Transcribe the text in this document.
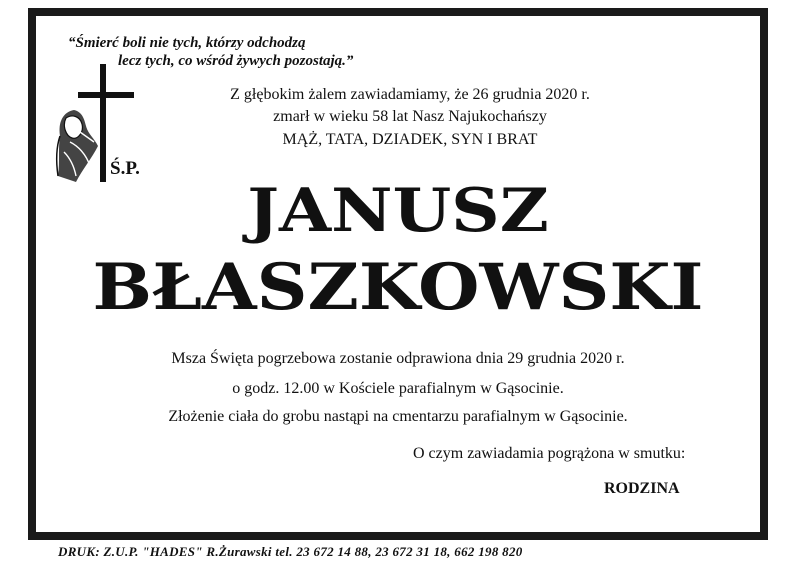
“Śmierć boli nie tych, którzy odchodzą
lecz tych, co wśród żywych pozostają.”
Z głębokim żalem zawiadamiamy, że 26 grudnia 2020 r.
zmarł w wieku 58 lat Nasz Najukochańszy
MĄŻ, TATA, DZIADEK, SYN I BRAT
Ś.P.
JANUSZ
BŁASZKOWSKI
Msza Święta pogrzebowa zostanie odprawiona dnia 29 grudnia 2020 r.
o godz. 12.00 w Kościele parafialnym w Gąsocinie.
Złożenie ciała do grobu nastąpi na cmentarzu parafialnym w Gąsocinie.
O czym zawiadamia pogrążona w smutku:
RODZINA
DRUK: Z.U.P. "HADES" R.Żurawski tel. 23 672 14 88, 23 672 31 18, 662 198 820
